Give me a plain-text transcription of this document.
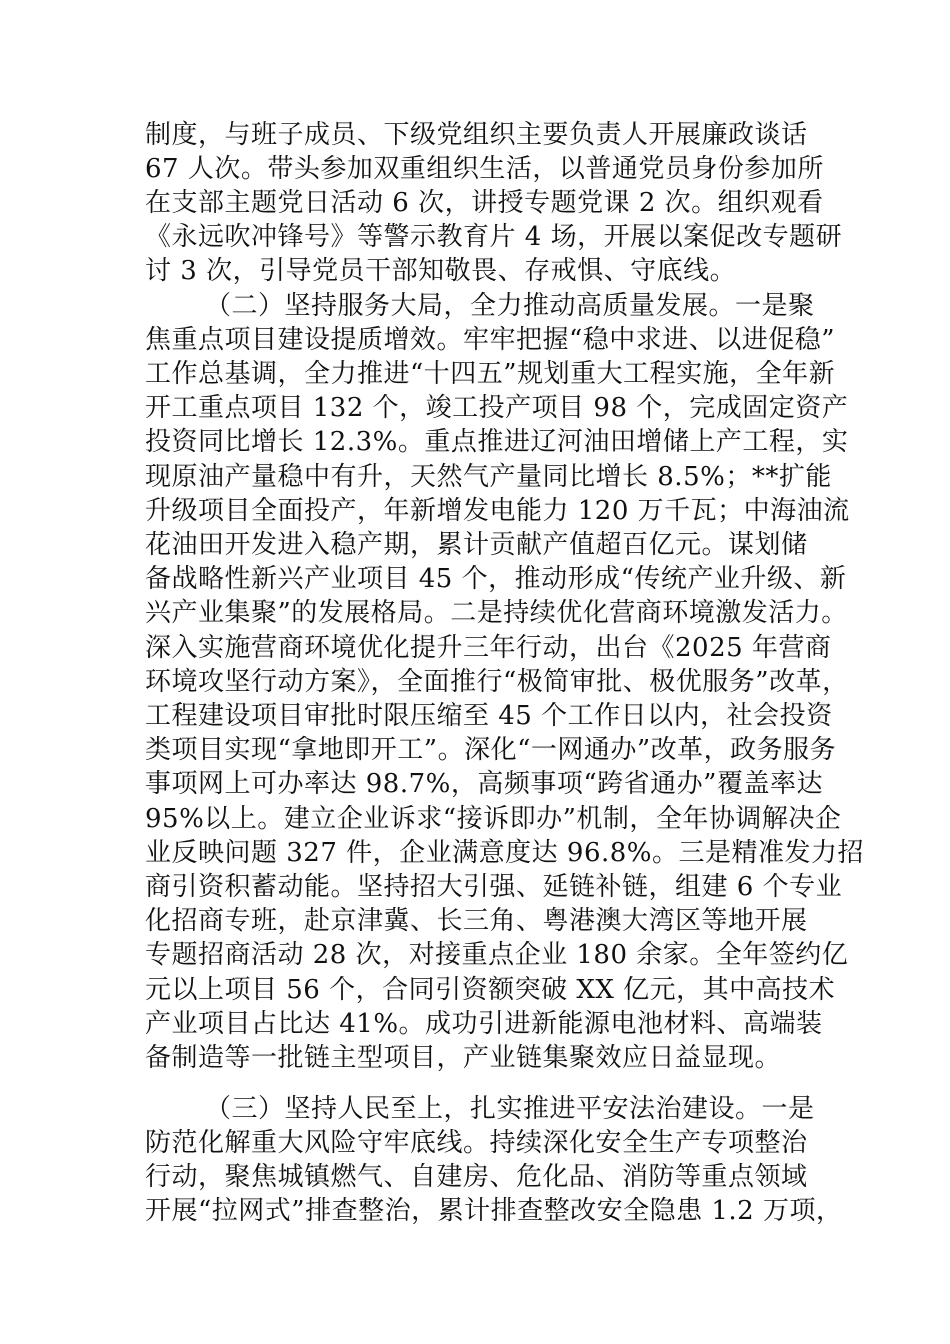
制度，与班子成员、下级党组织主要负责人开展廉政谈话
67 人次。带头参加双重组织生活，以普通党员身份参加所
在支部主题党日活动 6 次，讲授专题党课 2 次。组织观看
《永远吹冲锋号》等警示教育片 4 场，开展以案促改专题研
讨 3 次，引导党员干部知敬畏、存戒惧、守底线。
（二）坚持服务大局，全力推动高质量发展。一是聚
焦重点项目建设提质增效。牢牢把握“稳中求进、以进促稳”
工作总基调，全力推进“十四五”规划重大工程实施，全年新
开工重点项目 132 个，竣工投产项目 98 个，完成固定资产
投资同比增长 12.3%。重点推进辽河油田增储上产工程，实
现原油产量稳中有升，天然气产量同比增长 8.5%；**扩能
升级项目全面投产，年新增发电能力 120 万千瓦；中海油流
花油田开发进入稳产期，累计贡献产值超百亿元。谋划储
备战略性新兴产业项目 45 个，推动形成“传统产业升级、新
兴产业集聚”的发展格局。二是持续优化营商环境激发活力。
深入实施营商环境优化提升三年行动，出台《2025 年营商
环境攻坚行动方案》，全面推行“极简审批、极优服务”改革，
工程建设项目审批时限压缩至 45 个工作日以内，社会投资
类项目实现“拿地即开工”。深化“一网通办”改革，政务服务
事项网上可办率达 98.7%，高频事项“跨省通办”覆盖率达
95%以上。建立企业诉求“接诉即办”机制，全年协调解决企
业反映问题 327 件，企业满意度达 96.8%。三是精准发力招
商引资积蓄动能。坚持招大引强、延链补链，组建 6 个专业
化招商专班，赴京津冀、长三角、粤港澳大湾区等地开展
专题招商活动 28 次，对接重点企业 180 余家。全年签约亿
元以上项目 56 个，合同引资额突破 XX 亿元，其中高技术
产业项目占比达 41%。成功引进新能源电池材料、高端装
备制造等一批链主型项目，产业链集聚效应日益显现。
（三）坚持人民至上，扎实推进平安法治建设。一是
防范化解重大风险守牢底线。持续深化安全生产专项整治
行动，聚焦城镇燃气、自建房、危化品、消防等重点领域
开展“拉网式”排查整治，累计排查整改安全隐患 1.2 万项，
